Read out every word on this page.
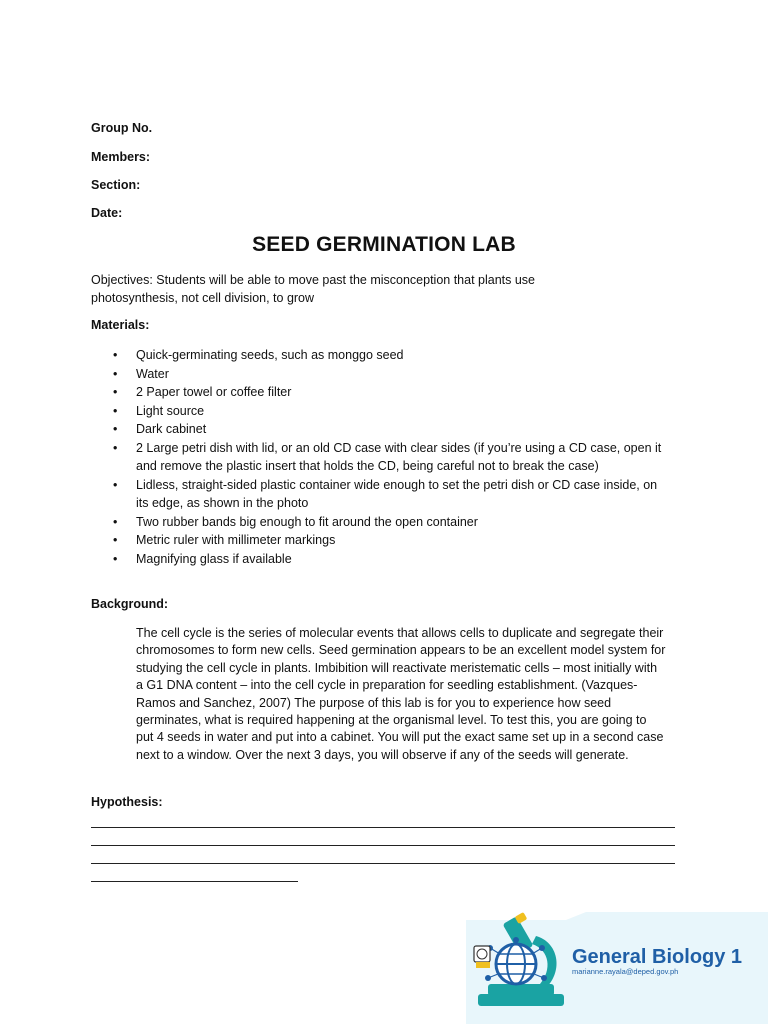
Group No.
Members:
Section:
Date:
SEED GERMINATION LAB
Objectives: Students will be able to move past the misconception that plants use photosynthesis, not cell division, to grow
Materials:
• Quick-germinating seeds, such as monggo seed
• Water
• 2 Paper towel or coffee filter
• Light source
• Dark cabinet
• 2 Large petri dish with lid, or an old CD case with clear sides (if you’re using a CD case, open it and remove the plastic insert that holds the CD, being careful not to break the case)
• Lidless, straight-sided plastic container wide enough to set the petri dish or CD case inside, on its edge, as shown in the photo
• Two rubber bands big enough to fit around the open container
• Metric ruler with millimeter markings
• Magnifying glass if available
Background:
The cell cycle is the series of molecular events that allows cells to duplicate and segregate their chromosomes to form new cells. Seed germination appears to be an excellent model system for studying the cell cycle in plants. Imbibition will reactivate meristematic cells – most initially with a G1 DNA content – into the cell cycle in preparation for seedling establishment. (Vazques- Ramos and Sanchez, 2007) The purpose of this lab is for you to experience how seed germinates, what is required happening at the organismal level. To test this, you are going to put 4 seeds in water and put into a cabinet. You will put the exact same set up in a second case next to a window. Over the next 3 days, you will observe if any of the seeds will generate.
Hypothesis:
General Biology 1
marianne.rayala@deped.gov.ph
